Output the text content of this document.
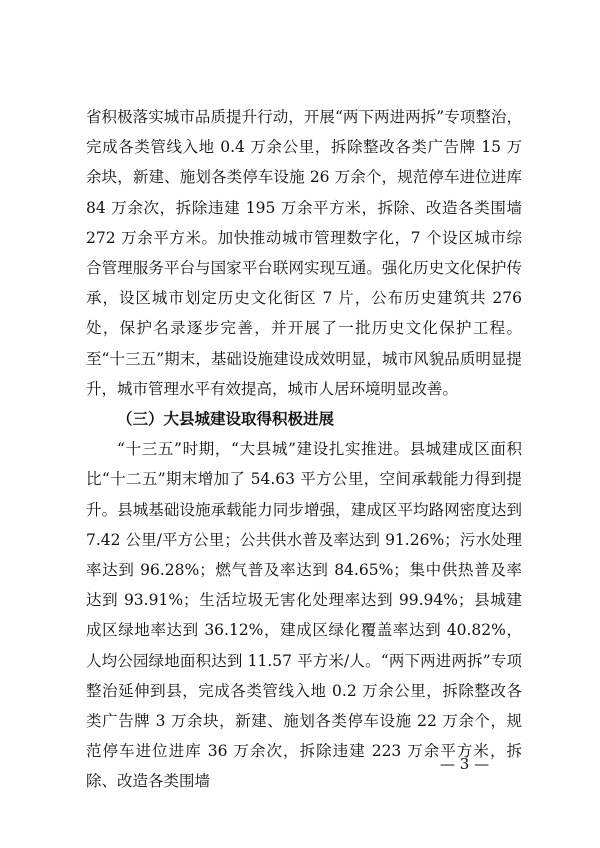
省积极落实城市品质提升行动，开展“两下两进两拆”专项整治，完成各类管线入地 0.4 万余公里，拆除整改各类广告牌 15 万余块，新建、施划各类停车设施 26 万余个，规范停车进位进库 84 万余次，拆除违建 195 万余平方米，拆除、改造各类围墙 272 万余平方米。加快推动城市管理数字化，7 个设区城市综合管理服务平台与国家平台联网实现互通。强化历史文化保护传承，设区城市划定历史文化街区 7 片，公布历史建筑共 276 处，保护名录逐步完善，并开展了一批历史文化保护工程。至“十三五”期末，基础设施建设成效明显，城市风貌品质明显提升，城市管理水平有效提高，城市人居环境明显改善。

（三）大县城建设取得积极进展

“十三五”时期，“大县城”建设扎实推进。县城建成区面积比“十二五”期末增加了 54.63 平方公里，空间承载能力得到提升。县城基础设施承载能力同步增强，建成区平均路网密度达到 7.42 公里/平方公里；公共供水普及率达到 91.26%；污水处理率达到 96.28%；燃气普及率达到 84.65%；集中供热普及率达到 93.91%；生活垃圾无害化处理率达到 99.94%；县城建成区绿地率达到 36.12%，建成区绿化覆盖率达到 40.82%，人均公园绿地面积达到 11.57 平方米/人。“两下两进两拆”专项整治延伸到县，完成各类管线入地 0.2 万余公里，拆除整改各类广告牌 3 万余块，新建、施划各类停车设施 22 万余个，规范停车进位进库 36 万余次，拆除违建 223 万余平方米，拆除、改造各类围墙

— 3 —
